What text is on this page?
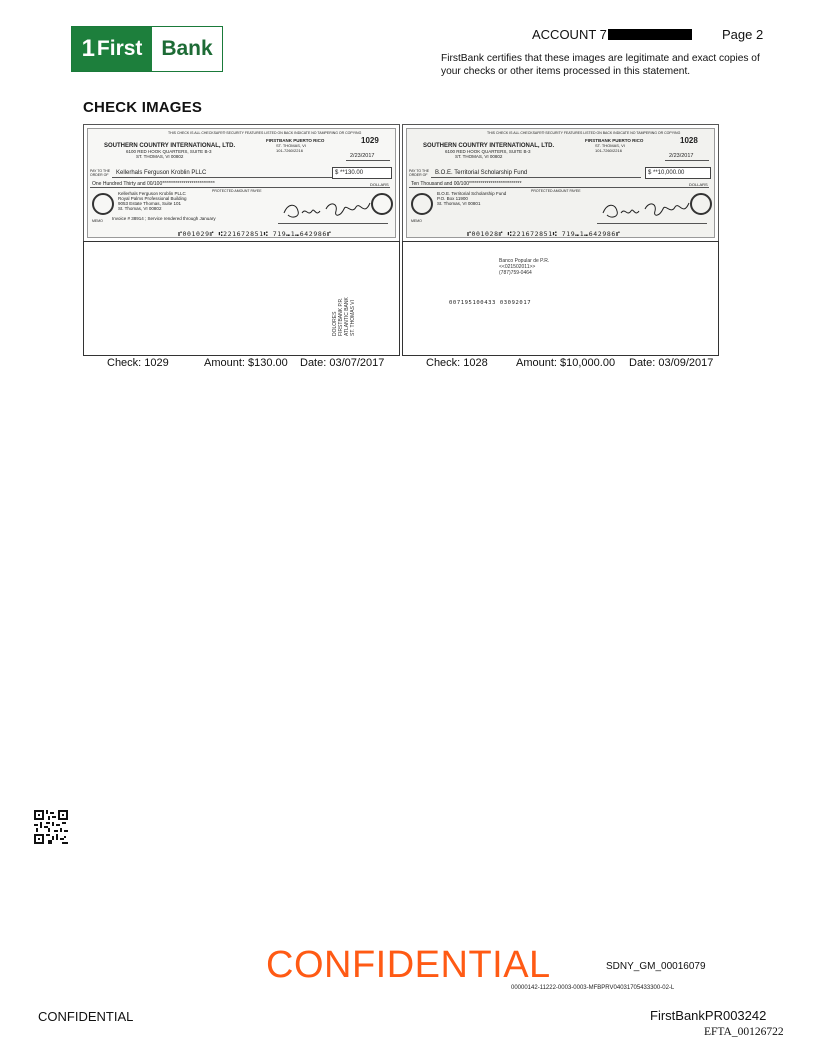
1 First Bank
ACCOUNT 7	Page 2
FirstBank certifies that these images are legitimate and exact copies of your checks or other items processed in this statement.
CHECK IMAGES
THIS CHECK IS ALL CHECKSAFE® SECURITY FEATURES LISTED ON BACK INDICATE NO TAMPERING OR COPYING
SOUTHERN COUNTRY INTERNATIONAL, LTD.
6100 RED HOOK QUARTERS, SUITE B-3
ST. THOMAS, VI 00802
FIRSTBANK PUERTO RICO
ST. THOMAS, VI
101-7260/2216
1029
2/23/2017
PAY TO THE ORDER OF	Kellerhals Ferguson Kroblin PLLC	$ **130.00
One Hundred Thirty and 00/100***************************	DOLLARS
PROTECTED AMOUNT PAYEE
Kellerhals Ferguson Kroblin PLLC
Royal Palms Professional Building
9053 Estate Thomas, Suite 101
St. Thomas, VI 00802
MEMO Invoice # 38914 ; Service rendered through January
⑈001029⑈ ⑆221672851⑆ 719⑉1⑉642986⑈
DOLORES FIRSTBANK P.R. ATLANTIC BANK ST. THOMAS VI
THIS CHECK IS ALL CHECKSAFE® SECURITY FEATURES LISTED ON BACK INDICATE NO TAMPERING OR COPYING
SOUTHERN COUNTRY INTERNATIONAL, LTD.
6100 RED HOOK QUARTERS, SUITE B-3
ST. THOMAS, VI 00802
FIRSTBANK PUERTO RICO
ST. THOMAS, VI
101-7260/2216
1028
2/23/2017
PAY TO THE ORDER OF	B.O.E. Territorial Scholarship Fund	$ **10,000.00
Ten Thousand and 00/100***************************	DOLLARS
PROTECTED AMOUNT PAYEE
B.O.E. Territorial Scholarship Fund
P.O. Box 11900
St. Thomas, VI 00801
MEMO
⑈001028⑈ ⑆221672851⑆ 719⑉1⑉642986⑈
Banco Popular de P.R.
<<021502011>>
(787)759-0464
007195100433 03092017
Check: 1029	Amount: $130.00 Date: 03/07/2017	Check: 1028	Amount: $10,000.00 Date: 03/09/2017
CONFIDENTIAL	SDNY_GM_00016079
00000142-11222-0003-0003-MFBPRV04031705433300-02-L
CONFIDENTIAL	FirstBankPR003242
EFTA_00126722
